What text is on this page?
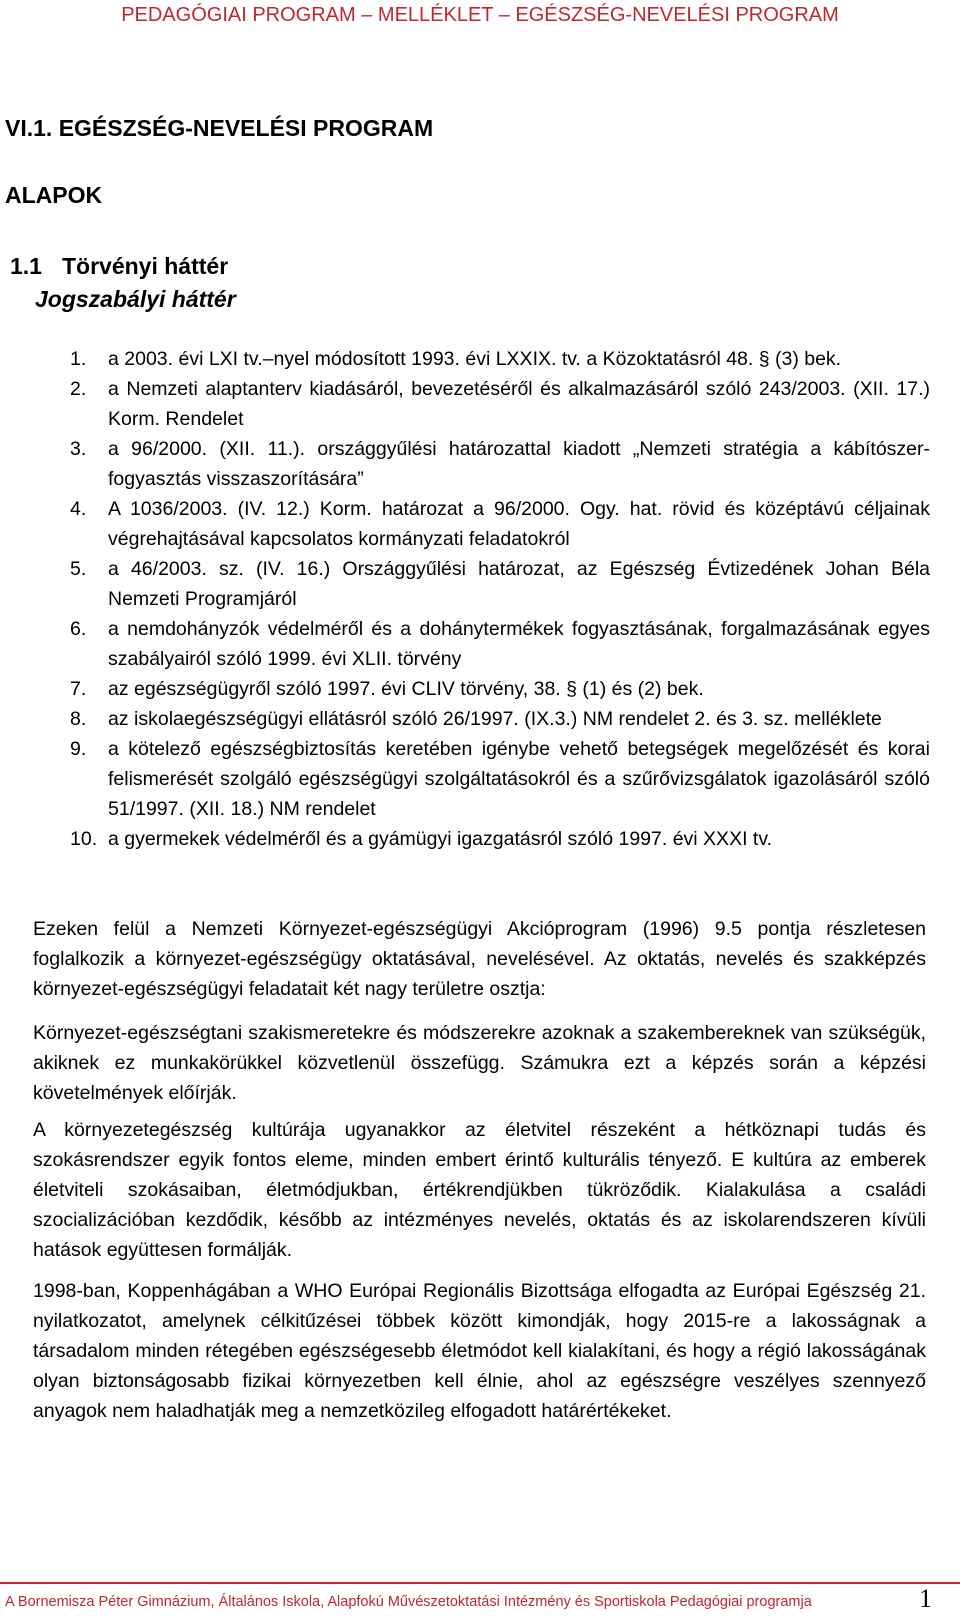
PEDAGÓGIAI PROGRAM – MELLÉKLET – EGÉSZSÉG-NEVELÉSI PROGRAM
VI.1. EGÉSZSÉG-NEVELÉSI PROGRAM
ALAPOK
1.1 Törvényi háttér
Jogszabályi háttér
1. a 2003. évi LXI tv.–nyel módosított 1993. évi LXXIX. tv. a Közoktatásról 48. § (3) bek.
2. a Nemzeti alaptanterv kiadásáról, bevezetéséről és alkalmazásáról szóló 243/2003. (XII. 17.) Korm. Rendelet
3. a 96/2000. (XII. 11.). országgyűlési határozattal kiadott „Nemzeti stratégia a kábítószer-fogyasztás visszaszorítására”
4. A 1036/2003. (IV. 12.) Korm. határozat a 96/2000. Ogy. hat. rövid és középtávú céljainak végrehajtásával kapcsolatos kormányzati feladatokról
5. a 46/2003. sz. (IV. 16.) Országgyűlési határozat, az Egészség Évtizedének Johan Béla Nemzeti Programjáról
6. a nemdohányzók védelméről és a dohánytermékek fogyasztásának, forgalmazásának egyes szabályairól szóló 1999. évi XLII. törvény
7. az egészségügyről szóló 1997. évi CLIV törvény, 38. § (1) és (2) bek.
8. az iskolaegészségügyi ellátásról szóló 26/1997. (IX.3.) NM rendelet 2. és 3. sz. melléklete
9. a kötelező egészségbiztosítás keretében igénybe vehető betegségek megelőzését és korai felismerését szolgáló egészségügyi szolgáltatásokról és a szűrővizsgálatok igazolásáról szóló 51/1997. (XII. 18.) NM rendelet
10. a gyermekek védelméről és a gyámügyi igazgatásról szóló 1997. évi XXXI tv.

Ezeken felül a Nemzeti Környezet-egészségügyi Akcióprogram (1996) 9.5 pontja részletesen foglalkozik a környezet-egészségügy oktatásával, nevelésével. Az oktatás, nevelés és szakképzés környezet-egészségügyi feladatait két nagy területre osztja:

Környezet-egészségtani szakismeretekre és módszerekre azoknak a szakembereknek van szükségük, akiknek ez munkakörükkel közvetlenül összefügg. Számukra ezt a képzés során a képzési követelmények előírják.

A környezetegészség kultúrája ugyanakkor az életvitel részeként a hétköznapi tudás és szokásrendszer egyik fontos eleme, minden embert érintő kulturális tényező. E kultúra az emberek életviteli szokásaiban, életmódjukban, értékrendjükben tükröződik. Kialakulása a családi szocializációban kezdődik, később az intézményes nevelés, oktatás és az iskolarendszeren kívüli hatások együttesen formálják.

1998-ban, Koppenhágában a WHO Európai Regionális Bizottsága elfogadta az Európai Egészség 21. nyilatkozatot, amelynek célkitűzései többek között kimondják, hogy 2015-re a lakosságnak a társadalom minden rétegében egészségesebb életmódot kell kialakítani, és hogy a régió lakosságának olyan biztonságosabb fizikai környezetben kell élnie, ahol az egészségre veszélyes szennyező anyagok nem haladhatják meg a nemzetközileg elfogadott határértékeket.

A Bornemisza Péter Gimnázium, Általános Iskola, Alapfokú Művészetoktatási Intézmény és Sportiskola Pedagógiai programja	1
